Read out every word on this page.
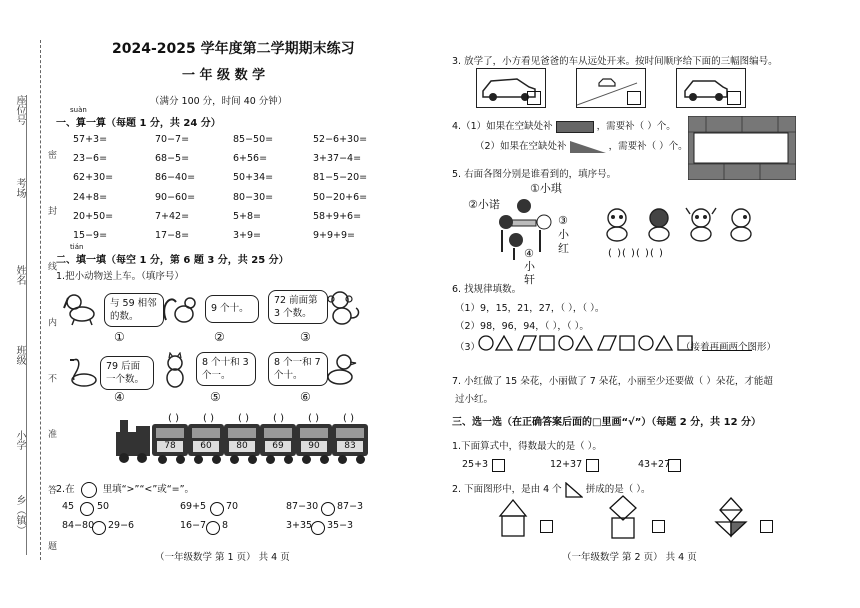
密 封 线 内 不 准 答 题
座位号
考场
姓名
班级
小学
乡（镇）
2024-2025 学年度第二学期期末练习
一 年 级 数 学
（满分 100 分，时间 40 分钟）
suàn
一、算一算（每题 1 分，共 24 分）
57+3=	70−7=	85−50=	52−6+30=
23−6=	68−5=	6+56=	3+37−4=
62+30=	86−40=	50+34=	81−5−20=
24+8=	90−60=	80−30=	50−20+6=
20+50=	7+42=	5+8=	58+9+6=
15−9=	17−8=	3+9=	9+9+9=
tián
二、填一填（每空 1 分，第 6 题 3 分，共 25 分）
1.把小动物送上车。（填序号）
与 59 相邻的数。
①
9 个十。
②
72 前面第 3 个数。
③
79 后面一个数。
④
8 个十和 3 个一。
⑤
8 个一和 7 个十。
⑥
( ) ( ) ( ) ( ) ( ) ( )
78	60	80	69	90	83
2.在	里填“>”“<”或“=”。
45 50	69+5 70	87−30 87−3
84−80 29−6	16−7 8	3+35 35−3
（一年级数学 第 1 页） 共 4 页
3. 放学了，小方看见爸爸的车从远处开来。按时间顺序给下面的三幅图编号。
4.（1）如果在空缺处补	，需要补（ ）个。
（2）如果在空缺处补	，需要补（ ）个。
5. 右面各图分别是谁看到的，填序号。
①小琪
②小诺
③小红
④小轩
( )( )( )( )
6. 找规律填数。
（1）9，15，21，27，（ ），（ ）。
（2）98，96，94，（ ），（ ）。
（3）	（接着再画两个图形）
7. 小红做了 15 朵花，小丽做了 7 朵花，小丽至少还要做（ ）朵花，才能超
过小红。
三、选一选（在正确答案后面的□里画“√”）（每题 2 分，共 12 分）
1.下面算式中，得数最大的是（ ）。
25+3	12+37	43+27
2. 下面图形中，是由 4 个	拼成的是（ ）。
（一年级数学 第 2 页） 共 4 页
